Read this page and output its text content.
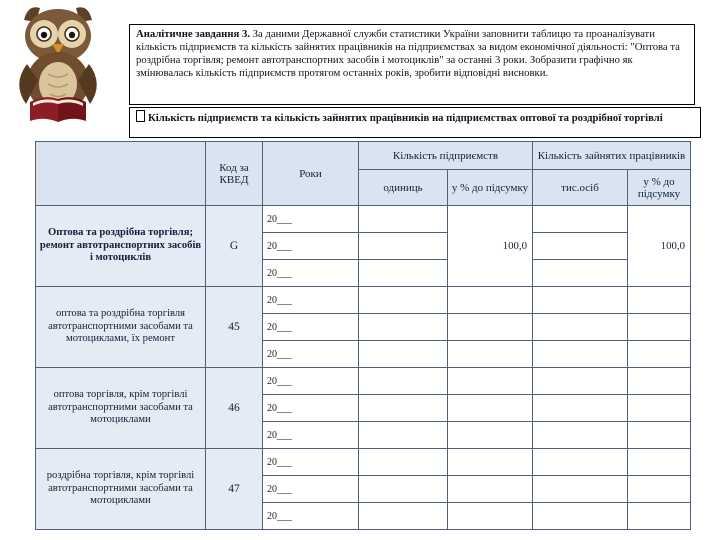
Аналітичне завдання 3. За даними Державної служби статистики України заповнити таблицю та проаналізувати кількість підприємств та кількість зайнятих працівників на підприємствах за видом економічної діяльності: "Оптова та роздрібна торгівля; ремонт автотранспортних засобів і мотоциклів" за останні 3 роки. Зобразити графічно як змінювалась кількість підприємств протягом останніх років, зробити відповідні висновки.
Кількість підприємств та кількість зайнятих працівників на підприємствах оптової та роздрібної торгівлі
	Код за КВЕД	Роки	Кількість підприємств		Кількість зайнятих працівників	
			одиниць	у % до підсумку	тис.осіб	у % до підсумку
Оптова та роздрібна торгівля; ремонт автотранспортних засобів і мотоциклів	G	20___		100,0		100,0
		20___				
		20___				
оптова та роздрібна торгівля автотранспортними засобами та мотоциклами, їх ремонт	45	20___				
		20___				
		20___				
оптова торгівля, крім торгівлі автотранспортними засобами та мотоциклами	46	20___				
		20___				
		20___				
роздрібна торгівля, крім торгівлі автотранспортними засобами та мотоциклами	47	20___				
		20___				
		20___				
